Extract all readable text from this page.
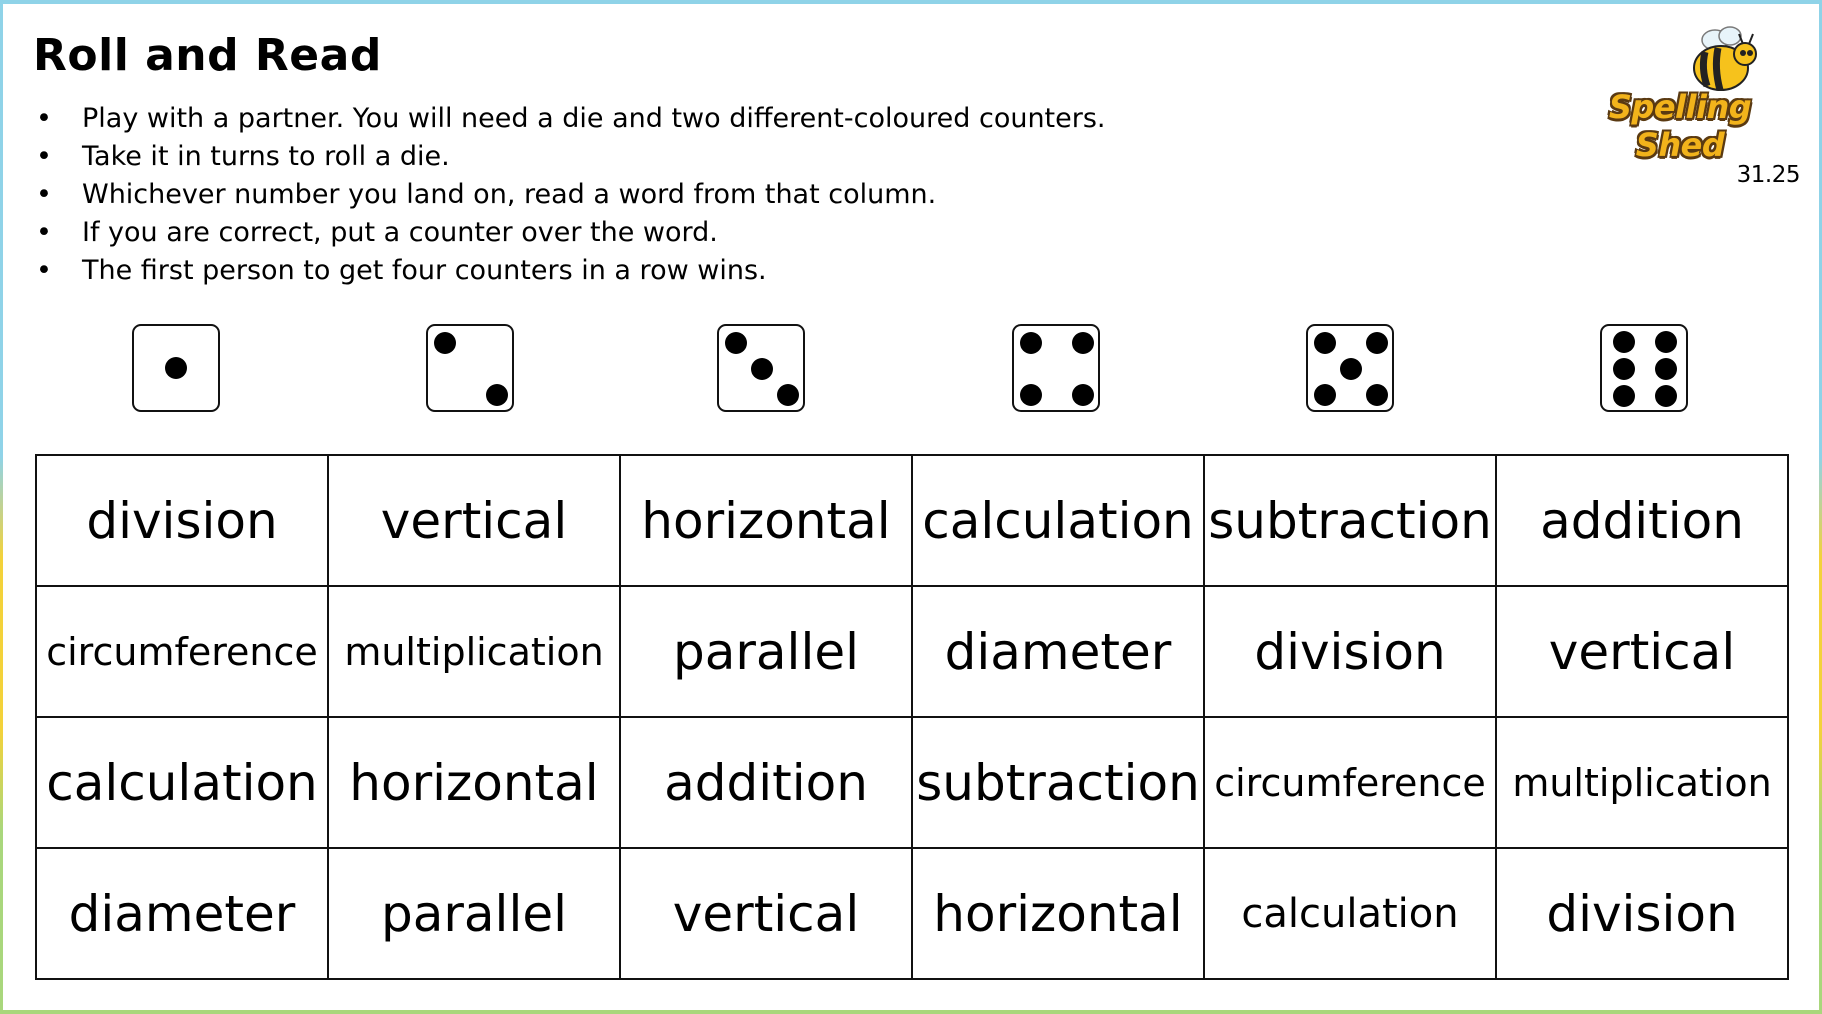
Roll and Read
• Play with a partner. You will need a die and two different-coloured counters.
• Take it in turns to roll a die.
• Whichever number you land on, read a word from that column.
• If you are correct, put a counter over the word.
• The first person to get four counters in a row wins.
Spelling Shed
31.25
division	vertical	horizontal	calculation	subtraction	addition
circumference	multiplication	parallel	diameter	division	vertical
calculation	horizontal	addition	subtraction	circumference	multiplication
diameter	parallel	vertical	horizontal	calculation	division
